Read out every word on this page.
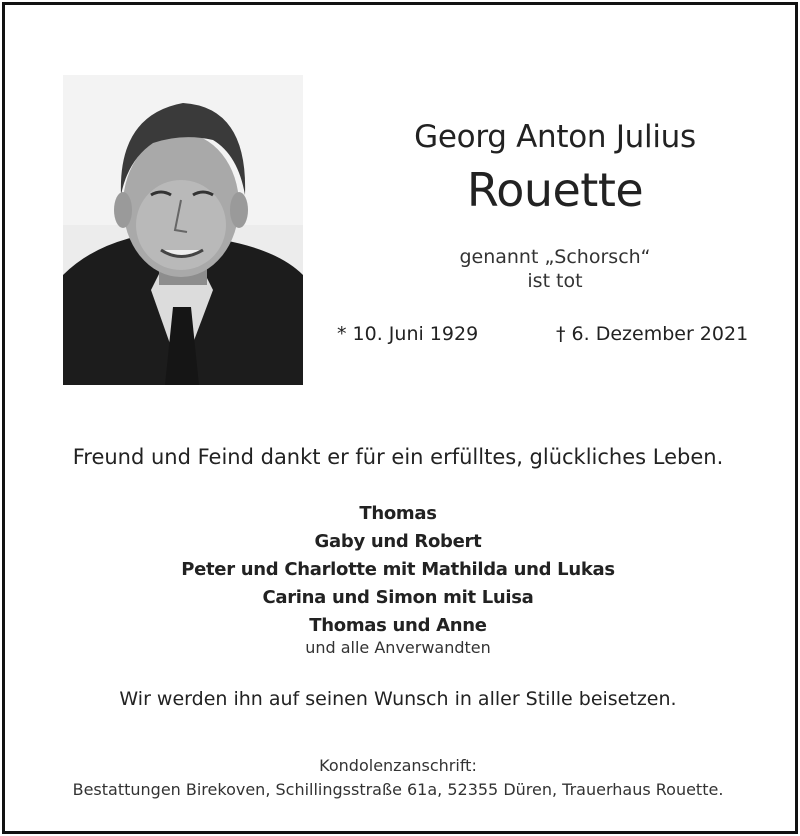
Georg Anton Julius
Rouette
genannt „Schorsch“
ist tot
* 10. Juni 1929	† 6. Dezember 2021
Freund und Feind dankt er für ein erfülltes, glückliches Leben.
Thomas
Gaby und Robert
Peter und Charlotte mit Mathilda und Lukas
Carina und Simon mit Luisa
Thomas und Anne
und alle Anverwandten
Wir werden ihn auf seinen Wunsch in aller Stille beisetzen.
Kondolenzanschrift:
Bestattungen Birekoven, Schillingsstraße 61a, 52355 Düren, Trauerhaus Rouette.
